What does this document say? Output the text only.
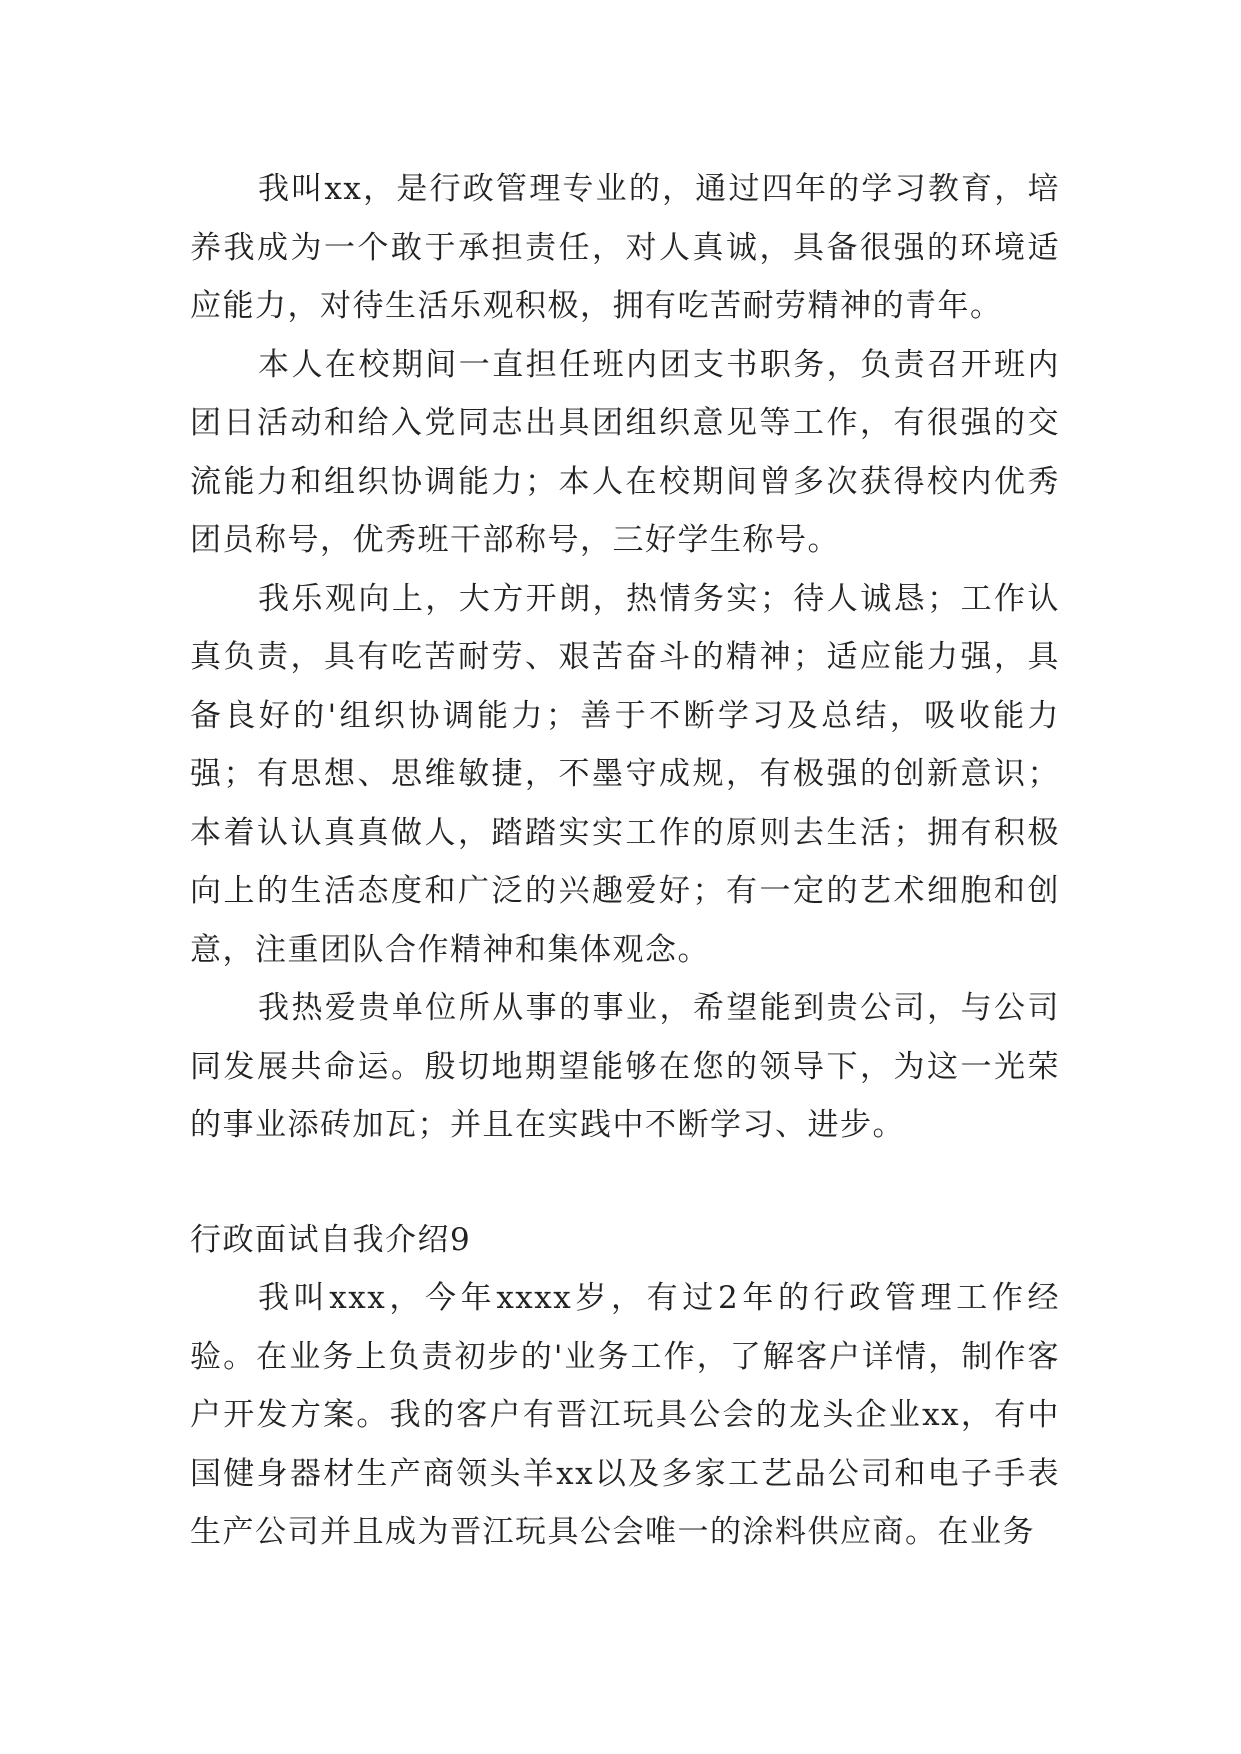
我叫xx，是行政管理专业的，通过四年的学习教育，培养我成为一个敢于承担责任，对人真诚，具备很强的环境适应能力，对待生活乐观积极，拥有吃苦耐劳精神的青年。

本人在校期间一直担任班内团支书职务，负责召开班内团日活动和给入党同志出具团组织意见等工作，有很强的交流能力和组织协调能力；本人在校期间曾多次获得校内优秀团员称号，优秀班干部称号，三好学生称号。

我乐观向上，大方开朗，热情务实；待人诚恳；工作认真负责，具有吃苦耐劳、艰苦奋斗的精神；适应能力强，具备良好的'组织协调能力；善于不断学习及总结，吸收能力强；有思想、思维敏捷，不墨守成规，有极强的创新意识；本着认认真真做人，踏踏实实工作的原则去生活；拥有积极向上的生活态度和广泛的兴趣爱好；有一定的艺术细胞和创意，注重团队合作精神和集体观念。

我热爱贵单位所从事的事业，希望能到贵公司，与公司同发展共命运。殷切地期望能够在您的领导下，为这一光荣的事业添砖加瓦；并且在实践中不断学习、进步。

行政面试自我介绍9

我叫xxx，今年xxxx岁，有过2年的行政管理工作经验。在业务上负责初步的'业务工作，了解客户详情，制作客户开发方案。我的客户有晋江玩具公会的龙头企业xx，有中国健身器材生产商领头羊xx以及多家工艺品公司和电子手表生产公司并且成为晋江玩具公会唯一的涂料供应商。在业务
